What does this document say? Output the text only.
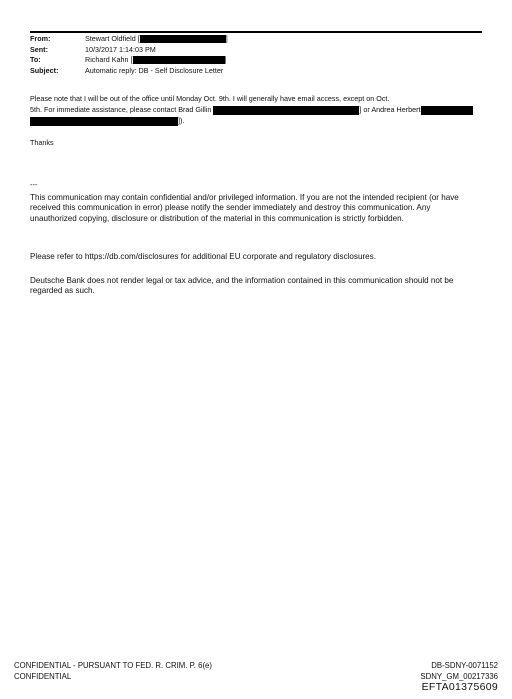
From:	Stewart Oldfield [	]
Sent:	10/3/2017 1:14:03 PM
To:	Richard Kahn [	]
Subject:	Automatic reply: DB - Self Disclosure Letter
Please note that I will be out of the office until Monday Oct. 9th. I will generally have email access, except on Oct.
5th. For immediate assistance, please contact Brad Gillin	] or Andrea Herbert
]).
Thanks
---
This communication may contain confidential and/or privileged information. If you are not the intended recipient (or have received this communication in error) please notify the sender immediately and destroy this communication. Any unauthorized copying, disclosure or distribution of the material in this communication is strictly forbidden.
Please refer to https://db.com/disclosures for additional EU corporate and regulatory disclosures.
Deutsche Bank does not render legal or tax advice, and the information contained in this communication should not be regarded as such.
CONFIDENTIAL - PURSUANT TO FED. R. CRIM. P. 6(e)
CONFIDENTIAL
DB-SDNY-0071152
SDNY_GM_00217336
EFTA01375609
